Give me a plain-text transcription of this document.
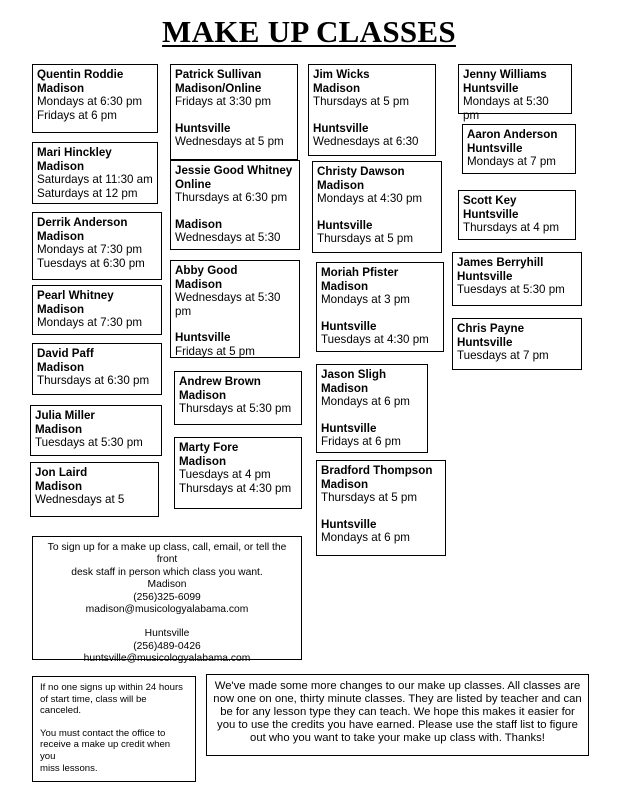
MAKE UP CLASSES
Quentin Roddie
Madison
Mondays at 6:30 pm
Fridays at 6 pm
Mari Hinckley
Madison
Saturdays at 11:30 am
Saturdays at 12 pm
Derrik Anderson
Madison
Mondays at 7:30 pm
Tuesdays at 6:30 pm
Pearl Whitney
Madison
Mondays at 7:30 pm
David Paff
Madison
Thursdays at 6:30 pm
Julia Miller
Madison
Tuesdays at 5:30 pm
Jon Laird
Madison
Wednesdays at 5
Patrick Sullivan
Madison/Online
Fridays at 3:30 pm
Huntsville
Wednesdays at 5 pm
Jessie Good Whitney
Online
Thursdays at 6:30 pm
Madison
Wednesdays at 5:30
Abby Good
Madison
Wednesdays at 5:30 pm
Huntsville
Fridays at 5 pm
Andrew Brown
Madison
Thursdays at 5:30 pm
Marty Fore
Madison
Tuesdays at 4 pm
Thursdays at 4:30 pm
Jim Wicks
Madison
Thursdays at 5 pm
Huntsville
Wednesdays at 6:30
Christy Dawson
Madison
Mondays at 4:30 pm
Huntsville
Thursdays at 5 pm
Moriah Pfister
Madison
Mondays at 3 pm
Huntsville
Tuesdays at 4:30 pm
Jason Sligh
Madison
Mondays at 6 pm
Huntsville
Fridays at 6 pm
Bradford Thompson
Madison
Thursdays at 5 pm
Huntsville
Mondays at 6 pm
Jenny Williams
Huntsville
Mondays at 5:30 pm
Aaron Anderson
Huntsville
Mondays at 7 pm
Scott Key
Huntsville
Thursdays at 4 pm
James Berryhill
Huntsville
Tuesdays at 5:30 pm
Chris Payne
Huntsville
Tuesdays at 7 pm
To sign up for a make up class, call, email, or tell the front
desk staff in person which class you want.
Madison
(256)325-6099
madison@musicologyalabama.com
Huntsville
(256)489-0426
huntsville@musicologyalabama.com
If no one signs up within 24 hours
of start time, class will be canceled.
You must contact the office to
receive a make up credit when you
miss lessons.
We've made some more changes to our make up classes. All classes are
now one on one, thirty minute classes. They are listed by teacher and can
be for any lesson type they can teach. We hope this makes it easier for
you to use the credits you have earned. Please use the staff list to figure
out who you want to take your make up class with. Thanks!
